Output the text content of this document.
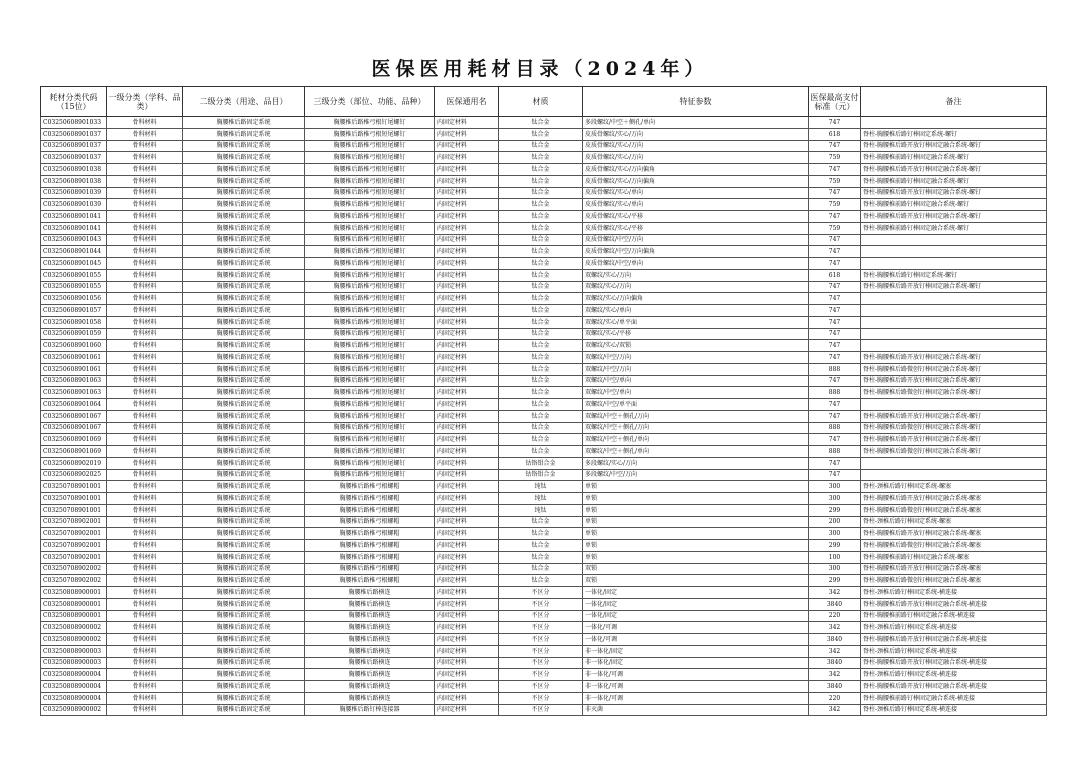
医保医用耗材目录（2024年）
耗材分类代码（15位）	一级分类（学科、品类）	二级分类（用途、品目）	三级分类（部位、功能、品种）	医保通用名	材质	特征参数	医保最高支付标准（元）	备注
C03250608901033	骨科材料	胸腰椎后路固定系统	胸腰椎后路椎弓根钉尾螺钉	内固定材料	钛合金	多段螺纹/中空＋侧孔/单向	747	
C03250608901037	骨科材料	胸腰椎后路固定系统	胸腰椎后路椎弓根短尾螺钉	内固定材料	钛合金	皮质骨螺纹/实心/万向	618	脊柱-胸腰椎后路钉棒固定系统-螺钉
C03250608901037	骨科材料	胸腰椎后路固定系统	胸腰椎后路椎弓根短尾螺钉	内固定材料	钛合金	皮质骨螺纹/实心/万向	747	脊柱-胸腰椎后路开放钉棒固定融合系统-螺钉
C03250608901037	骨科材料	胸腰椎后路固定系统	胸腰椎后路椎弓根短尾螺钉	内固定材料	钛合金	皮质骨螺纹/实心/万向	759	脊柱-胸腰椎前路钉棒固定融合系统-螺钉
C03250608901038	骨科材料	胸腰椎后路固定系统	胸腰椎后路椎弓根短尾螺钉	内固定材料	钛合金	皮质骨螺纹/实心/万向偏角	747	脊柱-胸腰椎后路开放钉棒固定融合系统-螺钉
C03250608901038	骨科材料	胸腰椎后路固定系统	胸腰椎后路椎弓根短尾螺钉	内固定材料	钛合金	皮质骨螺纹/实心/万向偏角	759	脊柱-胸腰椎前路钉棒固定融合系统-螺钉
C03250608901039	骨科材料	胸腰椎后路固定系统	胸腰椎后路椎弓根短尾螺钉	内固定材料	钛合金	皮质骨螺纹/实心/单向	747	脊柱-胸腰椎后路开放钉棒固定融合系统-螺钉
C03250608901039	骨科材料	胸腰椎后路固定系统	胸腰椎后路椎弓根短尾螺钉	内固定材料	钛合金	皮质骨螺纹/实心/单向	759	脊柱-胸腰椎前路钉棒固定融合系统-螺钉
C03250608901041	骨科材料	胸腰椎后路固定系统	胸腰椎后路椎弓根短尾螺钉	内固定材料	钛合金	皮质骨螺纹/实心/平移	747	脊柱-胸腰椎后路开放钉棒固定融合系统-螺钉
C03250608901041	骨科材料	胸腰椎后路固定系统	胸腰椎后路椎弓根短尾螺钉	内固定材料	钛合金	皮质骨螺纹/实心/平移	759	脊柱-胸腰椎前路钉棒固定融合系统-螺钉
C03250608901043	骨科材料	胸腰椎后路固定系统	胸腰椎后路椎弓根短尾螺钉	内固定材料	钛合金	皮质骨螺纹/中空/万向	747	
C03250608901044	骨科材料	胸腰椎后路固定系统	胸腰椎后路椎弓根短尾螺钉	内固定材料	钛合金	皮质骨螺纹/中空/万向偏角	747	
C03250608901045	骨科材料	胸腰椎后路固定系统	胸腰椎后路椎弓根短尾螺钉	内固定材料	钛合金	皮质骨螺纹/中空/单向	747	
C03250608901055	骨科材料	胸腰椎后路固定系统	胸腰椎后路椎弓根短尾螺钉	内固定材料	钛合金	双螺纹/实心/万向	618	脊柱-胸腰椎后路钉棒固定系统-螺钉
C03250608901055	骨科材料	胸腰椎后路固定系统	胸腰椎后路椎弓根短尾螺钉	内固定材料	钛合金	双螺纹/实心/万向	747	脊柱-胸腰椎后路开放钉棒固定融合系统-螺钉
C03250608901056	骨科材料	胸腰椎后路固定系统	胸腰椎后路椎弓根短尾螺钉	内固定材料	钛合金	双螺纹/实心/万向偏角	747	
C03250608901057	骨科材料	胸腰椎后路固定系统	胸腰椎后路椎弓根短尾螺钉	内固定材料	钛合金	双螺纹/实心/单向	747	
C03250608901058	骨科材料	胸腰椎后路固定系统	胸腰椎后路椎弓根短尾螺钉	内固定材料	钛合金	双螺纹/实心/单平面	747	
C03250608901059	骨科材料	胸腰椎后路固定系统	胸腰椎后路椎弓根短尾螺钉	内固定材料	钛合金	双螺纹/实心/平移	747	
C03250608901060	骨科材料	胸腰椎后路固定系统	胸腰椎后路椎弓根短尾螺钉	内固定材料	钛合金	双螺纹/实心/双锁	747	
C03250608901061	骨科材料	胸腰椎后路固定系统	胸腰椎后路椎弓根短尾螺钉	内固定材料	钛合金	双螺纹/中空/万向	747	脊柱-胸腰椎后路开放钉棒固定融合系统-螺钉
C03250608901061	骨科材料	胸腰椎后路固定系统	胸腰椎后路椎弓根短尾螺钉	内固定材料	钛合金	双螺纹/中空/万向	888	脊柱-胸腰椎后路微创钉棒固定融合系统-螺钉
C03250608901063	骨科材料	胸腰椎后路固定系统	胸腰椎后路椎弓根短尾螺钉	内固定材料	钛合金	双螺纹/中空/单向	747	脊柱-胸腰椎后路开放钉棒固定融合系统-螺钉
C03250608901063	骨科材料	胸腰椎后路固定系统	胸腰椎后路椎弓根短尾螺钉	内固定材料	钛合金	双螺纹/中空/单向	888	脊柱-胸腰椎后路微创钉棒固定融合系统-螺钉
C03250608901064	骨科材料	胸腰椎后路固定系统	胸腰椎后路椎弓根短尾螺钉	内固定材料	钛合金	双螺纹/中空/单平面	747	
C03250608901067	骨科材料	胸腰椎后路固定系统	胸腰椎后路椎弓根短尾螺钉	内固定材料	钛合金	双螺纹/中空＋侧孔/万向	747	脊柱-胸腰椎后路开放钉棒固定融合系统-螺钉
C03250608901067	骨科材料	胸腰椎后路固定系统	胸腰椎后路椎弓根短尾螺钉	内固定材料	钛合金	双螺纹/中空＋侧孔/万向	888	脊柱-胸腰椎后路微创钉棒固定融合系统-螺钉
C03250608901069	骨科材料	胸腰椎后路固定系统	胸腰椎后路椎弓根短尾螺钉	内固定材料	钛合金	双螺纹/中空＋侧孔/单向	747	脊柱-胸腰椎后路开放钉棒固定融合系统-螺钉
C03250608901069	骨科材料	胸腰椎后路固定系统	胸腰椎后路椎弓根短尾螺钉	内固定材料	钛合金	双螺纹/中空＋侧孔/单向	888	脊柱-胸腰椎后路微创钉棒固定融合系统-螺钉
C03250608902019	骨科材料	胸腰椎后路固定系统	胸腰椎后路椎弓根短尾螺钉	内固定材料	钴铬钼合金	多段螺纹/实心/万向	747	
C03250608902025	骨科材料	胸腰椎后路固定系统	胸腰椎后路椎弓根短尾螺钉	内固定材料	钴铬钼合金	多段螺纹/中空/万向	747	
C03250708901001	骨科材料	胸腰椎后路固定系统	胸腰椎后路椎弓根螺帽	内固定材料	纯钛	单锁	300	脊柱-颈椎后路钉棒固定系统-螺塞
C03250708901001	骨科材料	胸腰椎后路固定系统	胸腰椎后路椎弓根螺帽	内固定材料	纯钛	单锁	300	脊柱-胸腰椎后路开放钉棒固定融合系统-螺塞
C03250708901001	骨科材料	胸腰椎后路固定系统	胸腰椎后路椎弓根螺帽	内固定材料	纯钛	单锁	299	脊柱-胸腰椎后路微创钉棒固定融合系统-螺塞
C03250708902001	骨科材料	胸腰椎后路固定系统	胸腰椎后路椎弓根螺帽	内固定材料	钛合金	单锁	200	脊柱-颈椎后路钉棒固定系统-螺塞
C03250708902001	骨科材料	胸腰椎后路固定系统	胸腰椎后路椎弓根螺帽	内固定材料	钛合金	单锁	300	脊柱-胸腰椎后路开放钉棒固定融合系统-螺塞
C03250708902001	骨科材料	胸腰椎后路固定系统	胸腰椎后路椎弓根螺帽	内固定材料	钛合金	单锁	299	脊柱-胸腰椎后路微创钉棒固定融合系统-螺塞
C03250708902001	骨科材料	胸腰椎后路固定系统	胸腰椎后路椎弓根螺帽	内固定材料	钛合金	单锁	100	脊柱-胸腰椎前路钉棒固定融合系统-螺塞
C03250708902002	骨科材料	胸腰椎后路固定系统	胸腰椎后路椎弓根螺帽	内固定材料	钛合金	双锁	300	脊柱-胸腰椎后路开放钉棒固定融合系统-螺塞
C03250708902002	骨科材料	胸腰椎后路固定系统	胸腰椎后路椎弓根螺帽	内固定材料	钛合金	双锁	299	脊柱-胸腰椎后路微创钉棒固定融合系统-螺塞
C03250808900001	骨科材料	胸腰椎后路固定系统	胸腰椎后路横连	内固定材料	不区分	一体化/固定	342	脊柱-颈椎后路钉棒固定系统-横连接
C03250808900001	骨科材料	胸腰椎后路固定系统	胸腰椎后路横连	内固定材料	不区分	一体化/固定	3840	脊柱-胸腰椎后路开放钉棒固定融合系统-横连接
C03250808900001	骨科材料	胸腰椎后路固定系统	胸腰椎后路横连	内固定材料	不区分	一体化/固定	220	脊柱-胸腰椎前路钉棒固定融合系统-横连接
C03250808900002	骨科材料	胸腰椎后路固定系统	胸腰椎后路横连	内固定材料	不区分	一体化/可调	342	脊柱-颈椎后路钉棒固定系统-横连接
C03250808900002	骨科材料	胸腰椎后路固定系统	胸腰椎后路横连	内固定材料	不区分	一体化/可调	3840	脊柱-胸腰椎后路开放钉棒固定融合系统-横连接
C03250808900003	骨科材料	胸腰椎后路固定系统	胸腰椎后路横连	内固定材料	不区分	非一体化/固定	342	脊柱-颈椎后路钉棒固定系统-横连接
C03250808900003	骨科材料	胸腰椎后路固定系统	胸腰椎后路横连	内固定材料	不区分	非一体化/固定	3840	脊柱-胸腰椎后路开放钉棒固定融合系统-横连接
C03250808900004	骨科材料	胸腰椎后路固定系统	胸腰椎后路横连	内固定材料	不区分	非一体化/可调	342	脊柱-颈椎后路钉棒固定系统-横连接
C03250808900004	骨科材料	胸腰椎后路固定系统	胸腰椎后路横连	内固定材料	不区分	非一体化/可调	3840	脊柱-胸腰椎后路开放钉棒固定融合系统-横连接
C03250808900004	骨科材料	胸腰椎后路固定系统	胸腰椎后路横连	内固定材料	不区分	非一体化/可调	220	脊柱-胸腰椎前路钉棒固定融合系统-横连接
C03250908900002	骨科材料	胸腰椎后路固定系统	胸腰椎后路钉棒连接器	内固定材料	不区分	非灭菌	342	脊柱-颈椎后路钉棒固定系统-横连接
